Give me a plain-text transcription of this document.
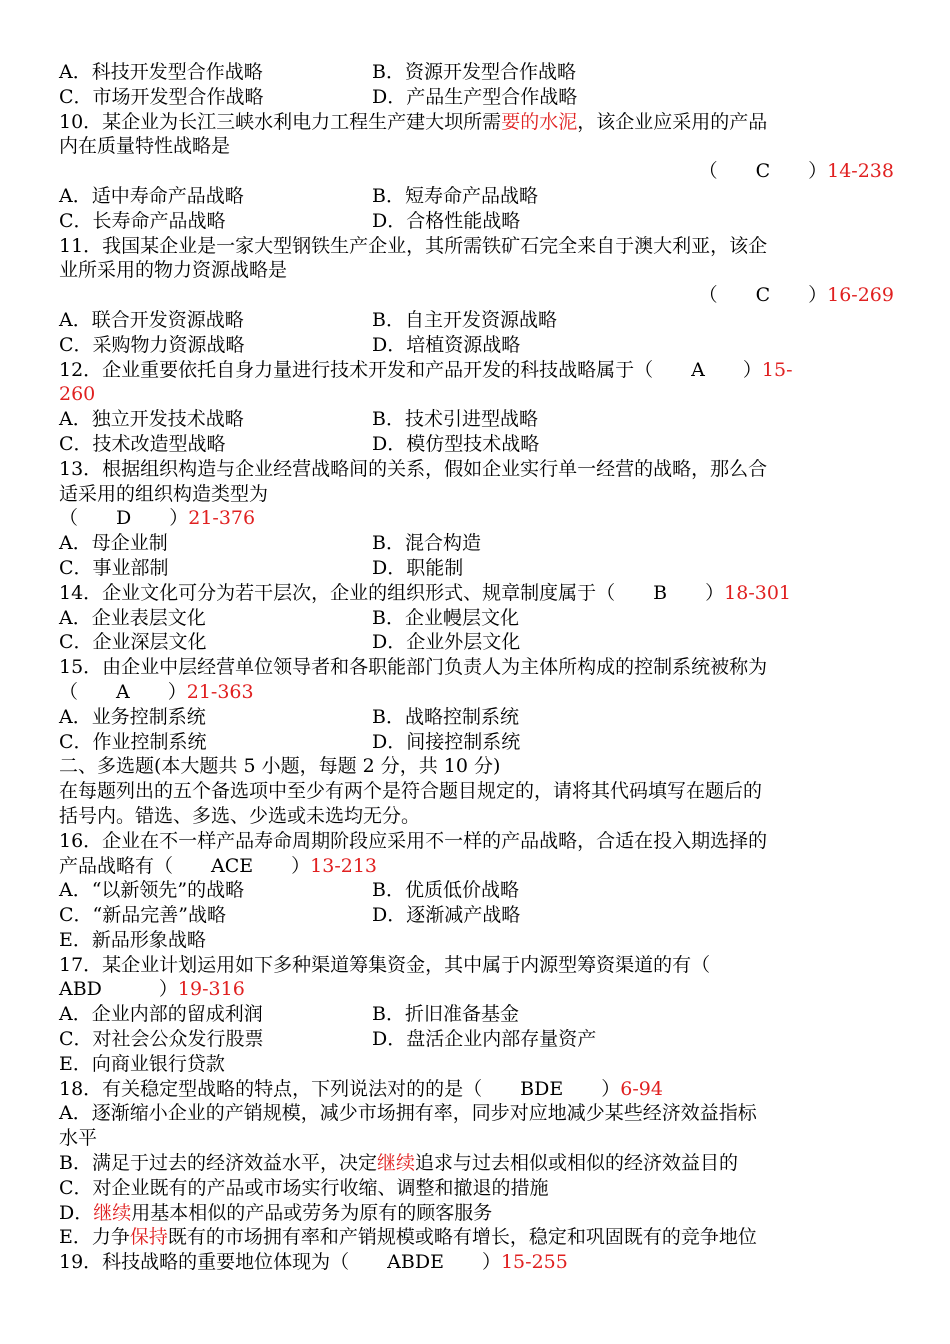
A．科技开发型合作战略	B．资源开发型合作战略
C．市场开发型合作战略	D．产品生产型合作战略
10．某企业为长江三峡水利电力工程生产建大坝所需要的水泥，该企业应采用的产品
内在质量特性战略是
（　　C　　）14-238
A．适中寿命产品战略	B．短寿命产品战略
C．长寿命产品战略	D．合格性能战略
11．我国某企业是一家大型钢铁生产企业，其所需铁矿石完全来自于澳大利亚，该企
业所采用的物力资源战略是
（　　C　　）16-269
A．联合开发资源战略	B．自主开发资源战略
C．采购物力资源战略	D．培植资源战略
12．企业重要依托自身力量进行技术开发和产品开发的科技战略属于（　　A　　）15-
260
A．独立开发技术战略	B．技术引进型战略
C．技术改造型战略	D．模仿型技术战略
13．根据组织构造与企业经营战略间的关系，假如企业实行单一经营的战略，那么合
适采用的组织构造类型为
（　　D　　）21-376
A．母企业制	B．混合构造
C．事业部制	D．职能制
14．企业文化可分为若干层次，企业的组织形式、规章制度属于（　　B　　）18-301
A．企业表层文化	B．企业幔层文化
C．企业深层文化	D．企业外层文化
15．由企业中层经营单位领导者和各职能部门负责人为主体所构成的控制系统被称为
（　　A　　）21-363
A．业务控制系统	B．战略控制系统
C．作业控制系统	D．间接控制系统
二、多选题(本大题共 5 小题，每题 2 分，共 10 分)
在每题列出的五个备选项中至少有两个是符合题目规定的，请将其代码填写在题后的
括号内。错选、多选、少选或未选均无分。
16．企业在不一样产品寿命周期阶段应采用不一样的产品战略，合适在投入期选择的
产品战略有（　　ACE　　）13-213
A．“以新领先”的战略	B．优质低价战略
C．“新品完善”战略	D．逐渐减产战略
E．新品形象战略
17．某企业计划运用如下多种渠道筹集资金，其中属于内源型筹资渠道的有（
ABD　　　）19-316
A．企业内部的留成利润	B．折旧准备基金
C．对社会公众发行股票	D．盘活企业内部存量资产
E．向商业银行贷款
18．有关稳定型战略的特点，下列说法对的的是（　　BDE　　）6-94
A．逐渐缩小企业的产销规模，减少市场拥有率，同步对应地减少某些经济效益指标
水平
B．满足于过去的经济效益水平，决定继续追求与过去相似或相似的经济效益目的
C．对企业既有的产品或市场实行收缩、调整和撤退的措施
D．继续用基本相似的产品或劳务为原有的顾客服务
E．力争保持既有的市场拥有率和产销规模或略有增长，稳定和巩固既有的竞争地位
19．科技战略的重要地位体现为（　　ABDE　　）15-255
